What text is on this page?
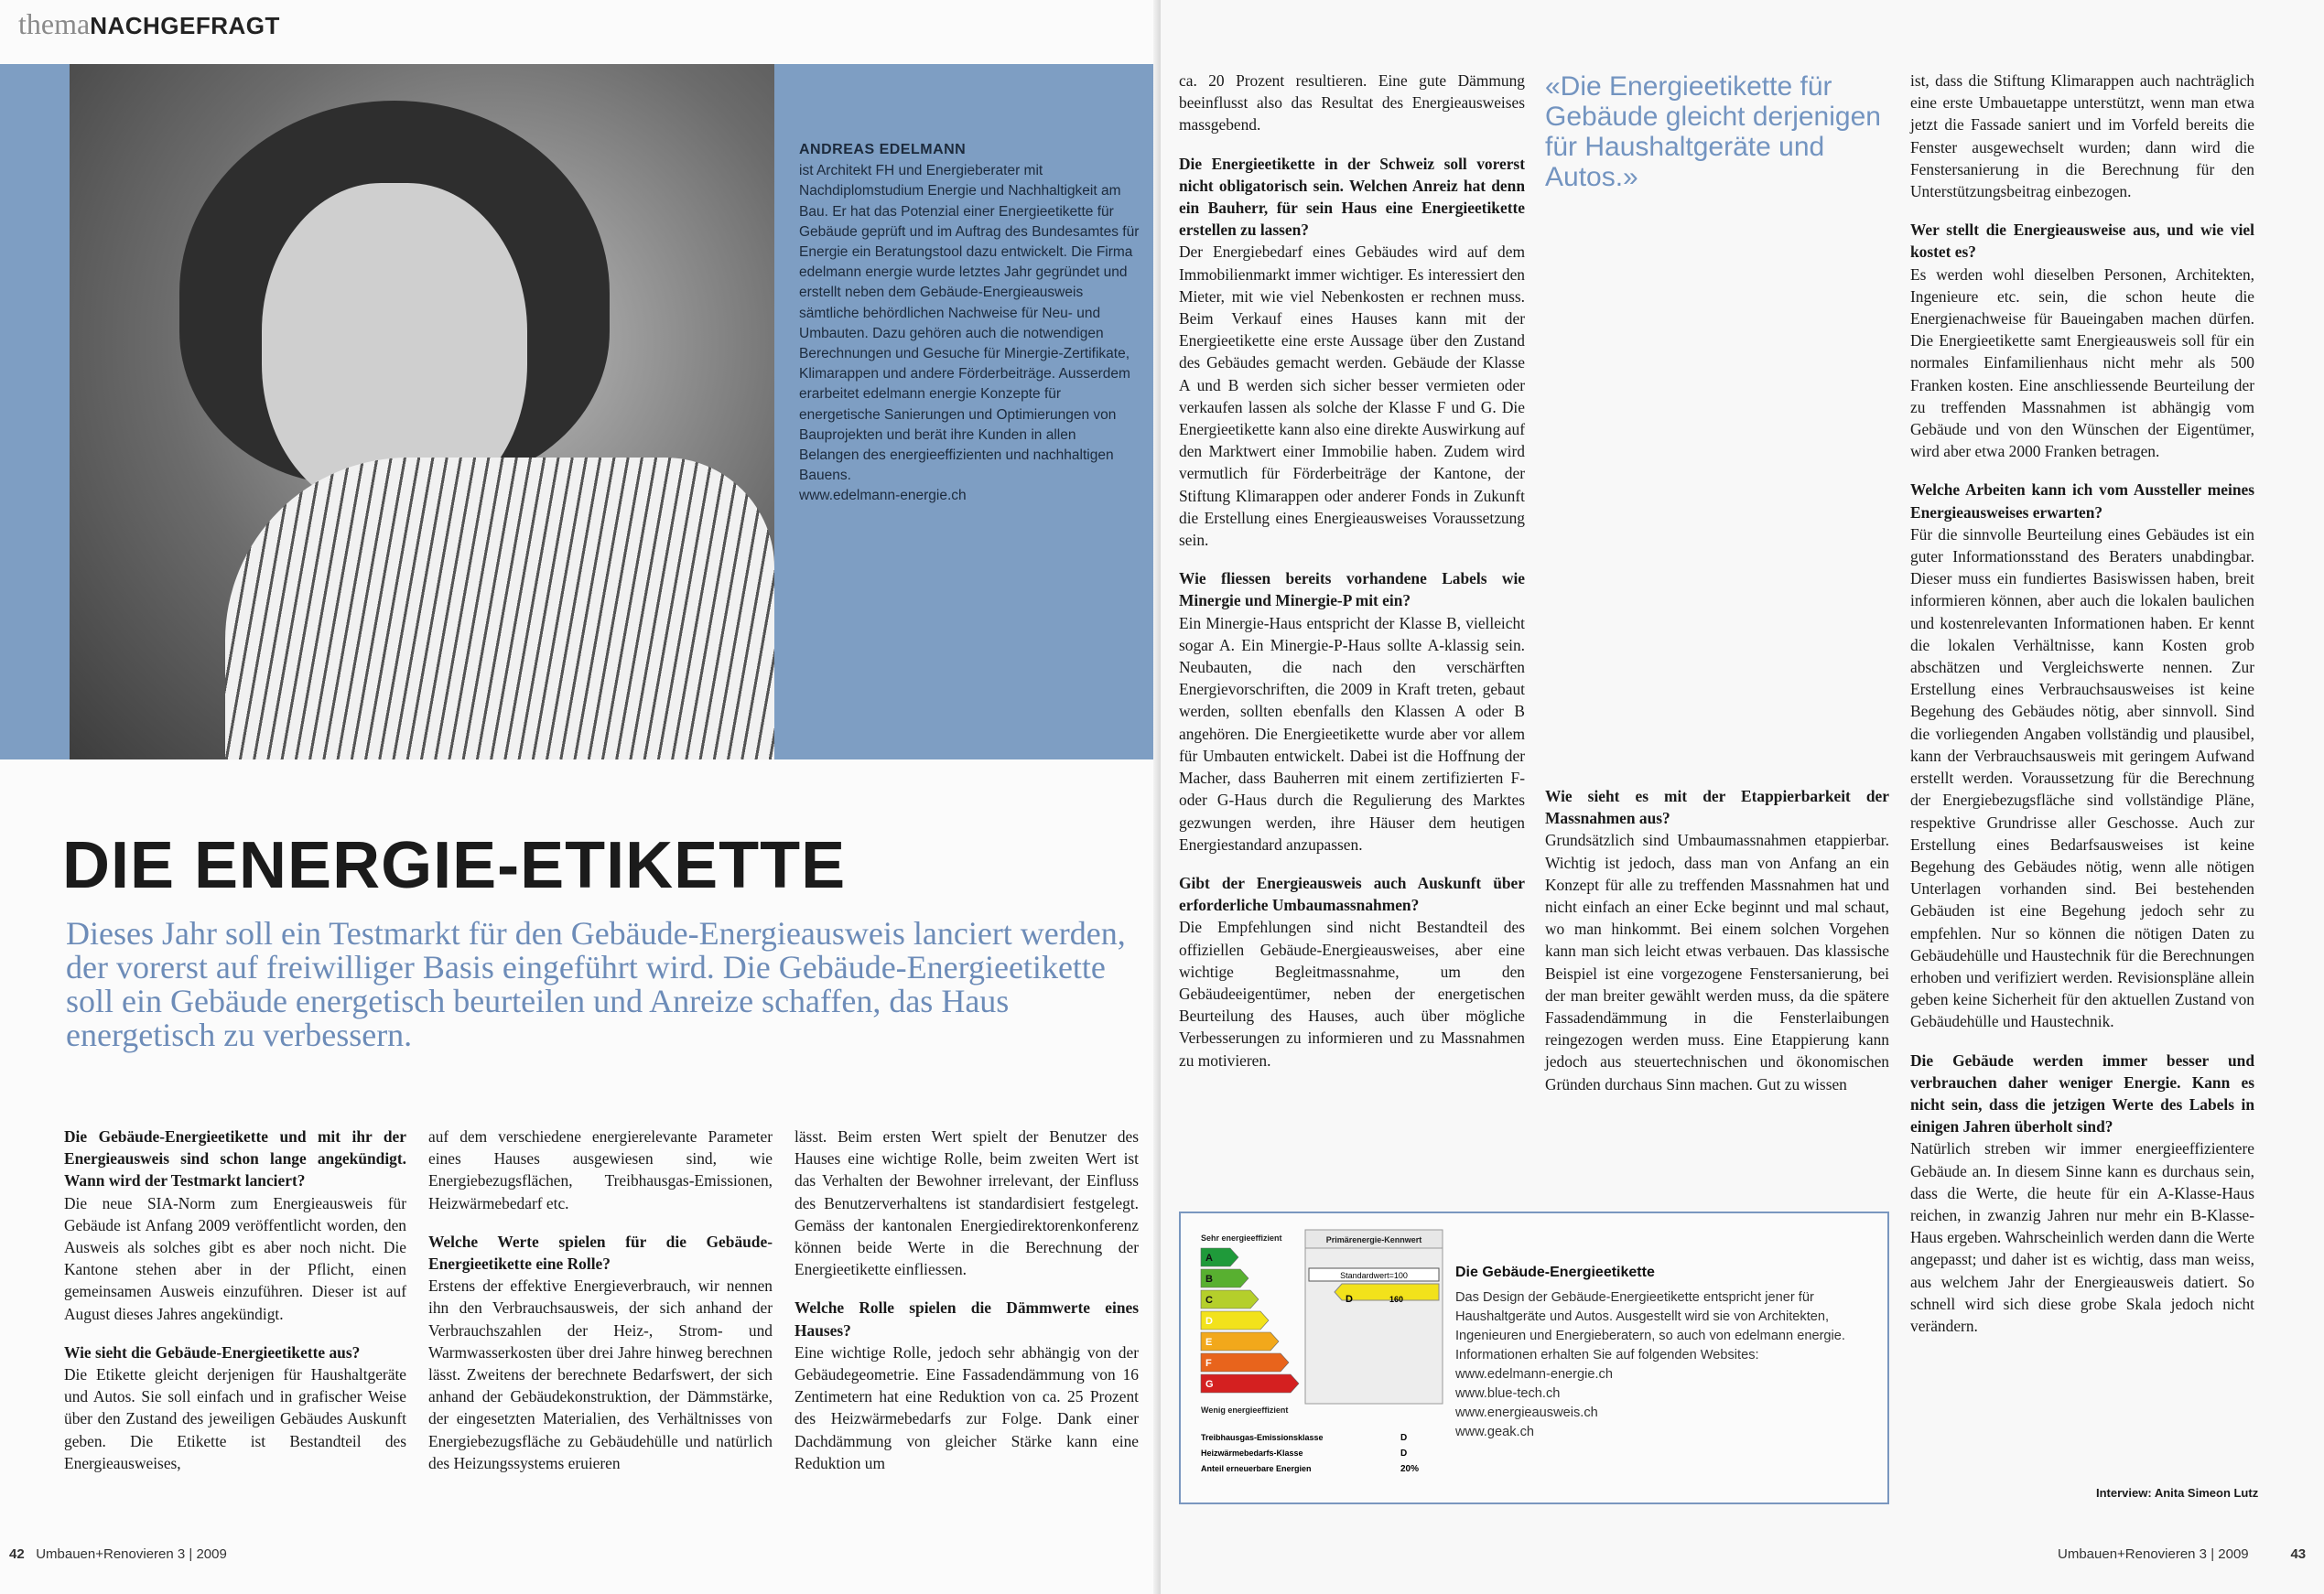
themaNACHGEFRAGT
ANDREAS EDELMANN
ist Architekt FH und Energieberater mit Nachdiplomstudium Energie und Nachhaltigkeit am Bau. Er hat das Potenzial einer Energieetikette für Gebäude geprüft und im Auftrag des Bundesamtes für Energie ein Beratungstool dazu entwickelt. Die Firma edelmann energie wurde letztes Jahr gegründet und erstellt neben dem Gebäude-Energieausweis sämtliche behördlichen Nachweise für Neu- und Umbauten. Dazu gehören auch die notwendigen Berechnungen und Gesuche für Minergie-Zertifikate, Klimarappen und andere Förderbeiträge. Ausserdem erarbeitet edelmann energie Konzepte für energetische Sanierungen und Optimierungen von Bauprojekten und berät ihre Kunden in allen Belangen des energieeffizienten und nachhaltigen Bauens.
www.edelmann-energie.ch
DIE ENERGIE-ETIKETTE
Dieses Jahr soll ein Testmarkt für den Gebäude-Energieausweis lanciert werden, der vorerst auf freiwilliger Basis eingeführt wird. Die Gebäude-Energieetikette soll ein Gebäude energetisch beurteilen und Anreize schaffen, das Haus energetisch zu verbessern.

Die Gebäude-Energieetikette und mit ihr der Energieausweis sind schon lange angekündigt. Wann wird der Testmarkt lanciert?

Die neue SIA-Norm zum Energieausweis für Gebäude ist Anfang 2009 veröffentlicht worden, den Ausweis als solches gibt es aber noch nicht. Die Kantone stehen aber in der Pflicht, einen gemeinsamen Ausweis einzuführen. Dieser ist auf August dieses Jahres angekündigt.

Wie sieht die Gebäude-Energieetikette aus?

Die Etikette gleicht derjenigen für Haushaltgeräte und Autos. Sie soll einfach und in grafischer Weise über den Zustand des jeweiligen Gebäudes Auskunft geben. Die Etikette ist Bestandteil des Energieausweises,

auf dem verschiedene energierelevante Parameter eines Hauses ausgewiesen sind, wie Energiebezugsflächen, Treibhausgas-Emissionen, Heizwärmebedarf etc.

Welche Werte spielen für die Gebäude-Energieetikette eine Rolle?

Erstens der effektive Energieverbrauch, wir nennen ihn den Verbrauchsausweis, der sich anhand der Verbrauchszahlen der Heiz-, Strom- und Warmwasserkosten über drei Jahre hinweg berechnen lässt. Zweitens der berechnete Bedarfswert, der sich anhand der Gebäudekonstruktion, der Dämmstärke, der eingesetzten Materialien, des Verhältnisses von Energiebezugsfläche zu Gebäudehülle und natürlich des Heizungssystems eruieren

lässt. Beim ersten Wert spielt der Benutzer des Hauses eine wichtige Rolle, beim zweiten Wert ist das Verhalten der Bewohner irrelevant, der Einfluss des Benutzerverhaltens ist standardisiert festgelegt. Gemäss der kantonalen Energiedirektorenkonferenz können beide Werte in die Berechnung der Energieetikette einfliessen.

Welche Rolle spielen die Dämmwerte eines Hauses?

Eine wichtige Rolle, jedoch sehr abhängig von der Gebäudegeometrie. Eine Fassadendämmung von 16 Zentimetern hat eine Reduktion von ca. 25 Prozent des Heizwärmebedarfs zur Folge. Dank einer Dachdämmung von gleicher Stärke kann eine Reduktion um

42 Umbauen+Renovieren 3 | 2009

ca. 20 Prozent resultieren. Eine gute Dämmung beeinflusst also das Resultat des Energieausweises massgebend.

Die Energieetikette in der Schweiz soll vorerst nicht obligatorisch sein. Welchen Anreiz hat denn ein Bauherr, für sein Haus eine Energieetikette erstellen zu lassen?

Der Energiebedarf eines Gebäudes wird auf dem Immobilienmarkt immer wichtiger. Es interessiert den Mieter, mit wie viel Nebenkosten er rechnen muss. Beim Verkauf eines Hauses kann mit der Energieetikette eine erste Aussage über den Zustand des Gebäudes gemacht werden. Gebäude der Klasse A und B werden sich sicher besser vermieten oder verkaufen lassen als solche der Klasse F und G. Die Energieetikette kann also eine direkte Auswirkung auf den Marktwert einer Immobilie haben. Zudem wird vermutlich für Förderbeiträge der Kantone, der Stiftung Klimarappen oder anderer Fonds in Zukunft die Erstellung eines Energieausweises Voraussetzung sein.

Wie fliessen bereits vorhandene Labels wie Minergie und Minergie-P mit ein?

Ein Minergie-Haus entspricht der Klasse B, vielleicht sogar A. Ein Minergie-P-Haus sollte A-klassig sein. Neubauten, die nach den verschärften Energievorschriften, die 2009 in Kraft treten, gebaut werden, sollten ebenfalls den Klassen A oder B angehören. Die Energieetikette wurde aber vor allem für Umbauten entwickelt. Dabei ist die Hoffnung der Macher, dass Bauherren mit einem zertifizierten F- oder G-Haus durch die Regulierung des Marktes gezwungen werden, ihre Häuser dem heutigen Energiestandard anzupassen.

Gibt der Energieausweis auch Auskunft über erforderliche Umbaumassnahmen?

Die Empfehlungen sind nicht Bestandteil des offiziellen Gebäude-Energieausweises, aber eine wichtige Begleitmassnahme, um den Gebäudeeigentümer, neben der energetischen Beurteilung des Hauses, auch über mögliche Verbesserungen zu informieren und zu Massnahmen zu motivieren.

«Die Energieetikette für Gebäude gleicht derjenigen für Haushaltgeräte und Autos.»

Wie sieht es mit der Etappierbarkeit der Massnahmen aus?

Grundsätzlich sind Umbaumassnahmen etappierbar. Wichtig ist jedoch, dass man von Anfang an ein Konzept für alle zu treffenden Massnahmen hat und nicht einfach an einer Ecke beginnt und mal schaut, wo man hinkommt. Bei einem solchen Vorgehen kann man sich leicht etwas verbauen. Das klassische Beispiel ist eine vorgezogene Fenstersanierung, bei der man breiter gewählt werden muss, da die spätere Fassadendämmung in die Fensterlaibungen reingezogen werden muss. Eine Etappierung kann jedoch aus steuertechnischen und ökonomischen Gründen durchaus Sinn machen. Gut zu wissen

ist, dass die Stiftung Klimarappen auch nachträglich eine erste Umbauetappe unterstützt, wenn man etwa jetzt die Fassade saniert und im Vorfeld bereits die Fenster ausgewechselt wurden; dann wird die Fenstersanierung in die Berechnung für den Unterstützungsbeitrag einbezogen.

Wer stellt die Energieausweise aus, und wie viel kostet es?

Es werden wohl dieselben Personen, Architekten, Ingenieure etc. sein, die schon heute die Energienachweise für Baueingaben machen dürfen. Die Energieetikette samt Energieausweis soll für ein normales Einfamilienhaus nicht mehr als 500 Franken kosten. Eine anschliessende Beurteilung der zu treffenden Massnahmen ist abhängig vom Gebäude und von den Wünschen der Eigentümer, wird aber etwa 2000 Franken betragen.

Welche Arbeiten kann ich vom Aussteller meines Energieausweises erwarten?

Für die sinnvolle Beurteilung eines Gebäudes ist ein guter Informationsstand des Beraters unabdingbar. Dieser muss ein fundiertes Basiswissen haben, breit informieren können, aber auch die lokalen baulichen und kostenrelevanten Informationen haben. Er kennt die lokalen Verhältnisse, kann Kosten grob abschätzen und Vergleichswerte nennen. Zur Erstellung eines Verbrauchsausweises ist keine Begehung des Gebäudes nötig, aber sinnvoll. Sind die vorliegenden Angaben vollständig und plausibel, kann der Verbrauchsausweis mit geringem Aufwand erstellt werden. Voraussetzung für die Berechnung der Energiebezugsfläche sind vollständige Pläne, respektive Grundrisse aller Geschosse. Auch zur Erstellung eines Bedarfsausweises ist keine Begehung des Gebäudes nötig, wenn alle nötigen Unterlagen vorhanden sind. Bei bestehenden Gebäuden ist eine Begehung jedoch sehr zu empfehlen. Nur so können die nötigen Daten zu Gebäudehülle und Haustechnik für die Berechnungen erhoben und verifiziert werden. Revisionspläne allein geben keine Sicherheit für den aktuellen Zustand von Gebäudehülle und Haustechnik.

Die Gebäude werden immer besser und verbrauchen daher weniger Energie. Kann es nicht sein, dass die jetzigen Werte des Labels in einigen Jahren überholt sind?

Natürlich streben wir immer energieeffizientere Gebäude an. In diesem Sinne kann es durchaus sein, dass die Werte, die heute für ein A-Klasse-Haus reichen, in zwanzig Jahren nur mehr ein B-Klasse-Haus ergeben. Wahrscheinlich werden dann die Werte angepasst; und daher ist es wichtig, dass man weiss, aus welchem Jahr der Energieausweis datiert. So schnell wird sich diese grobe Skala jedoch nicht verändern.

Interview: Anita Simeon Lutz
Sehr energieeffizient	Primärenergie-Kennwert
A
B
C
D
E
F
G
Standardwert=100
D	160
Wenig energieeffizient
Treibhausgas-Emissionsklasse	D
Heizwärmebedarfs-Klasse	D
Anteil erneuerbare Energien	20%
Die Gebäude-Energieetikette
Das Design der Gebäude-Energieetikette entspricht jener für Haushaltgeräte und Autos. Ausgestellt wird sie von Architekten, Ingenieuren und Energieberatern, so auch von edelmann energie.
Informationen erhalten Sie auf folgenden Websites:
www.edelmann-energie.ch
www.blue-tech.ch
www.energieausweis.ch
www.geak.ch
Umbauen+Renovieren 3 | 2009	43
